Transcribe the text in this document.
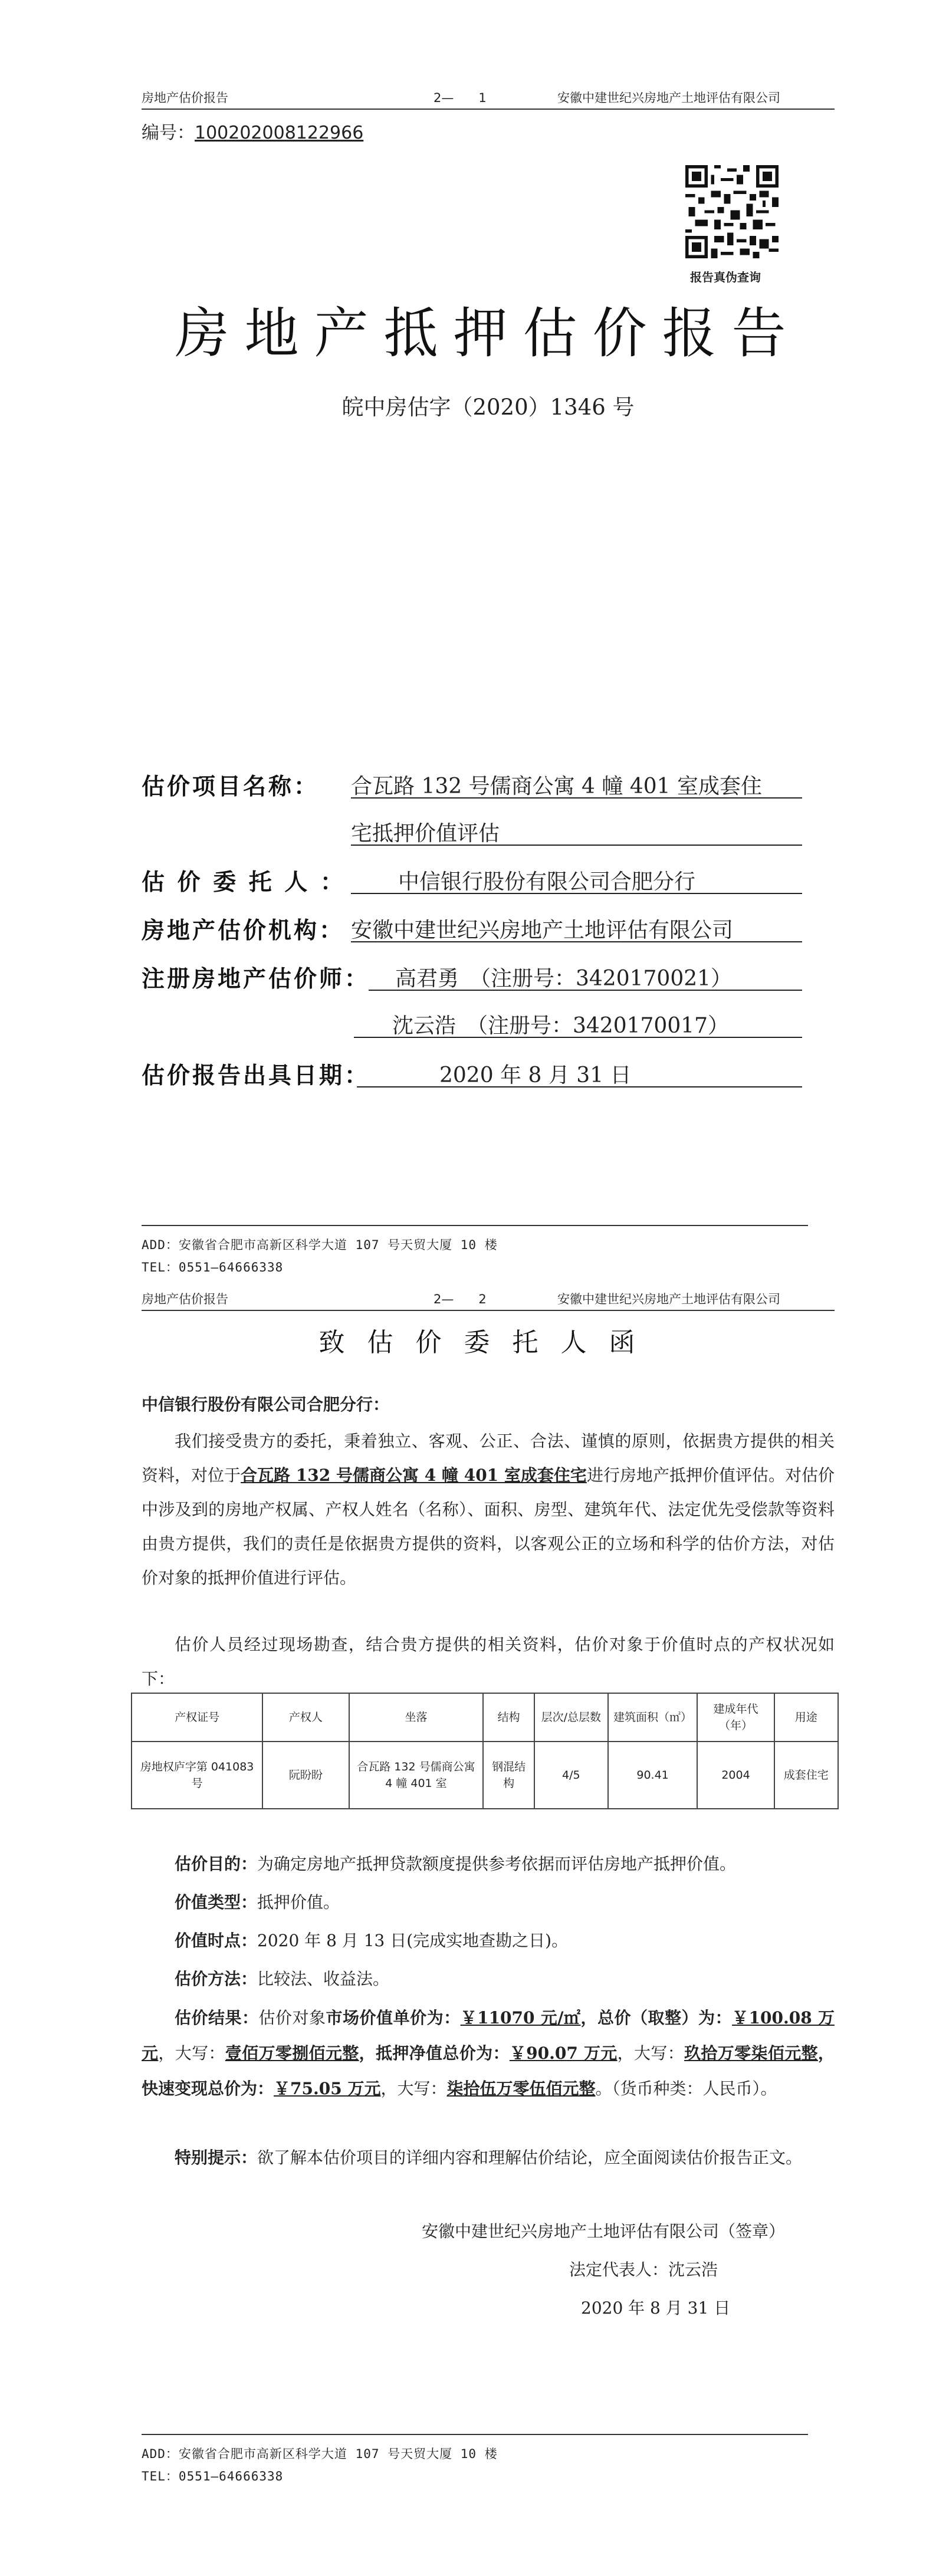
房地产估价报告	2—　　1	安徽中建世纪兴房地产土地评估有限公司
编号：100202008122966
报告真伪查询
房地产抵押估价报告
皖中房估字（2020）1346 号
估价项目名称： 合瓦路 132 号儒商公寓 4 幢 401 室成套住
宅抵押价值评估
估 价 委 托 人 ： 中信银行股份有限公司合肥分行
房地产估价机构： 安徽中建世纪兴房地产土地评估有限公司
注册房地产估价师： 高君勇　（注册号：3420170021）
沈云浩　（注册号：3420170017）
估价报告出具日期：	2020 年 8 月 31 日
ADD：安徽省合肥市高新区科学大道 107 号天贸大厦 10 楼
TEL：0551—64666338
房地产估价报告	2—　　2	安徽中建世纪兴房地产土地评估有限公司
致估价委托人函
中信银行股份有限公司合肥分行：
我们接受贵方的委托，秉着独立、客观、公正、合法、谨慎的原则，依据贵方提供的相关资料，对位于合瓦路 132 号儒商公寓 4 幢 401 室成套住宅进行房地产抵押价值评估。对估价中涉及到的房地产权属、产权人姓名（名称）、面积、房型、建筑年代、法定优先受偿款等资料由贵方提供，我们的责任是依据贵方提供的资料，以客观公正的立场和科学的估价方法，对估价对象的抵押价值进行评估。
估价人员经过现场勘查，结合贵方提供的相关资料，估价对象于价值时点的产权状况如下：
产权证号	产权人	坐落	结构	层次/总层数	建筑面积（㎡）	建成年代（年）	用途
房地权庐字第 041083 号	阮盼盼	合瓦路 132 号儒商公寓 4 幢 401 室	钢混结构	4/5	90.41	2004	成套住宅
估价目的：为确定房地产抵押贷款额度提供参考依据而评估房地产抵押价值。
价值类型：抵押价值。
价值时点：2020 年 8 月 13 日(完成实地查勘之日)。
估价方法：比较法、收益法。
估价结果：估价对象市场价值单价为：￥11070 元/㎡，总价（取整）为：￥100.08 万元，大写：壹佰万零捌佰元整，抵押净值总价为：￥90.07 万元，大写：玖拾万零柒佰元整，快速变现总价为：￥75.05 万元，大写：柒拾伍万零伍佰元整。（货币种类：人民币）。
特别提示：欲了解本估价项目的详细内容和理解估价结论，应全面阅读估价报告正文。
安徽中建世纪兴房地产土地评估有限公司（签章）
法定代表人：沈云浩
2020 年 8 月 31 日
ADD：安徽省合肥市高新区科学大道 107 号天贸大厦 10 楼
TEL：0551—64666338
